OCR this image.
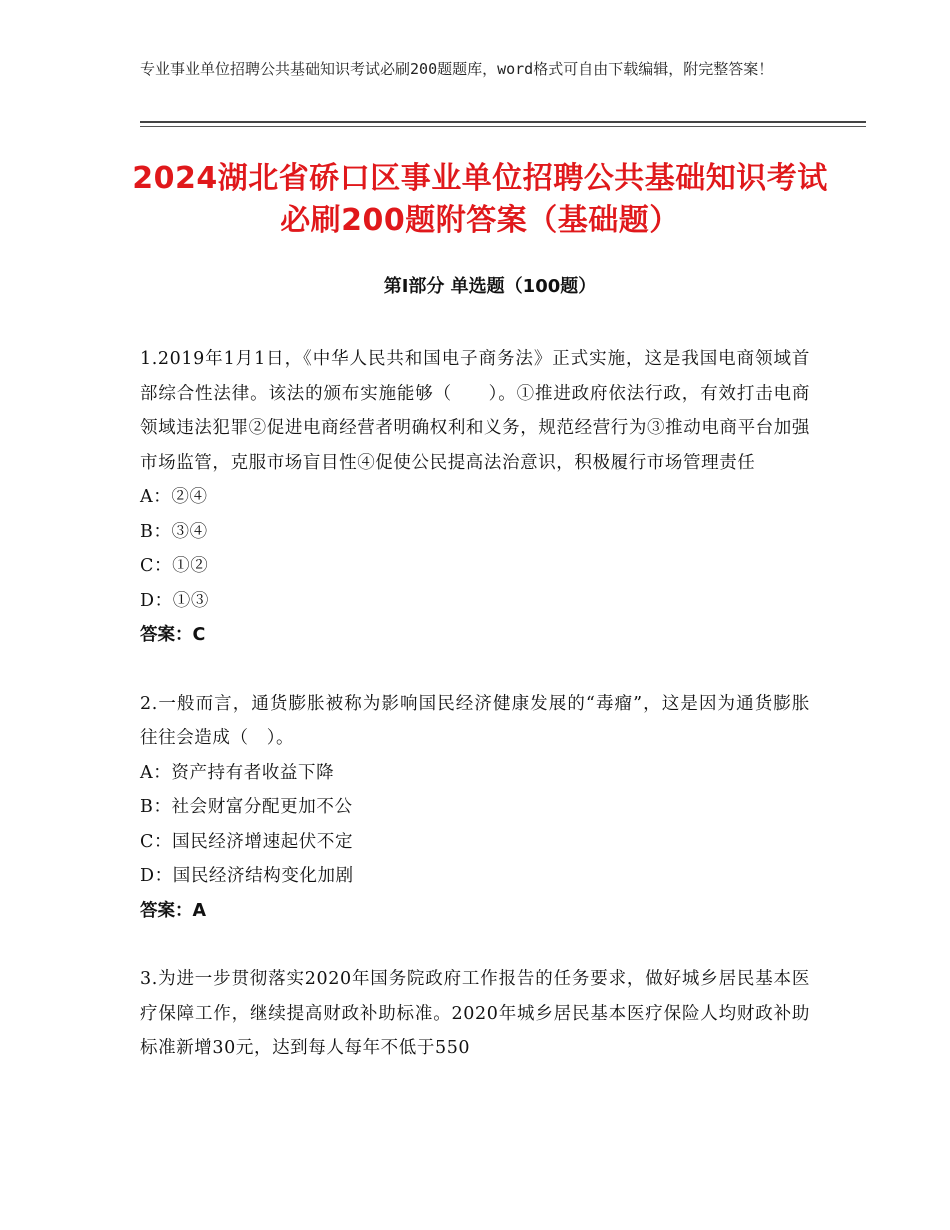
专业事业单位招聘公共基础知识考试必刷200题题库，word格式可自由下载编辑，附完整答案！

2024湖北省硚口区事业单位招聘公共基础知识考试必刷200题附答案（基础题）
第I部分 单选题（100题）

1.2019年1月1日，《中华人民共和国电子商务法》正式实施，这是我国电商领域首部综合性法律。该法的颁布实施能够（　　）。①推进政府依法行政，有效打击电商领域违法犯罪②促进电商经营者明确权利和义务，规范经营行为③推动电商平台加强市场监管，克服市场盲目性④促使公民提高法治意识，积极履行市场管理责任

A：②④

B：③④

C：①②

D：①③

答案：C

2.一般而言，通货膨胀被称为影响国民经济健康发展的“毒瘤”，这是因为通货膨胀往往会造成（　）。

A：资产持有者收益下降

B：社会财富分配更加不公

C：国民经济增速起伏不定

D：国民经济结构变化加剧

答案：A

3.为进一步贯彻落实2020年国务院政府工作报告的任务要求，做好城乡居民基本医疗保障工作，继续提高财政补助标准。2020年城乡居民基本医疗保险人均财政补助标准新增30元，达到每人每年不低于550
